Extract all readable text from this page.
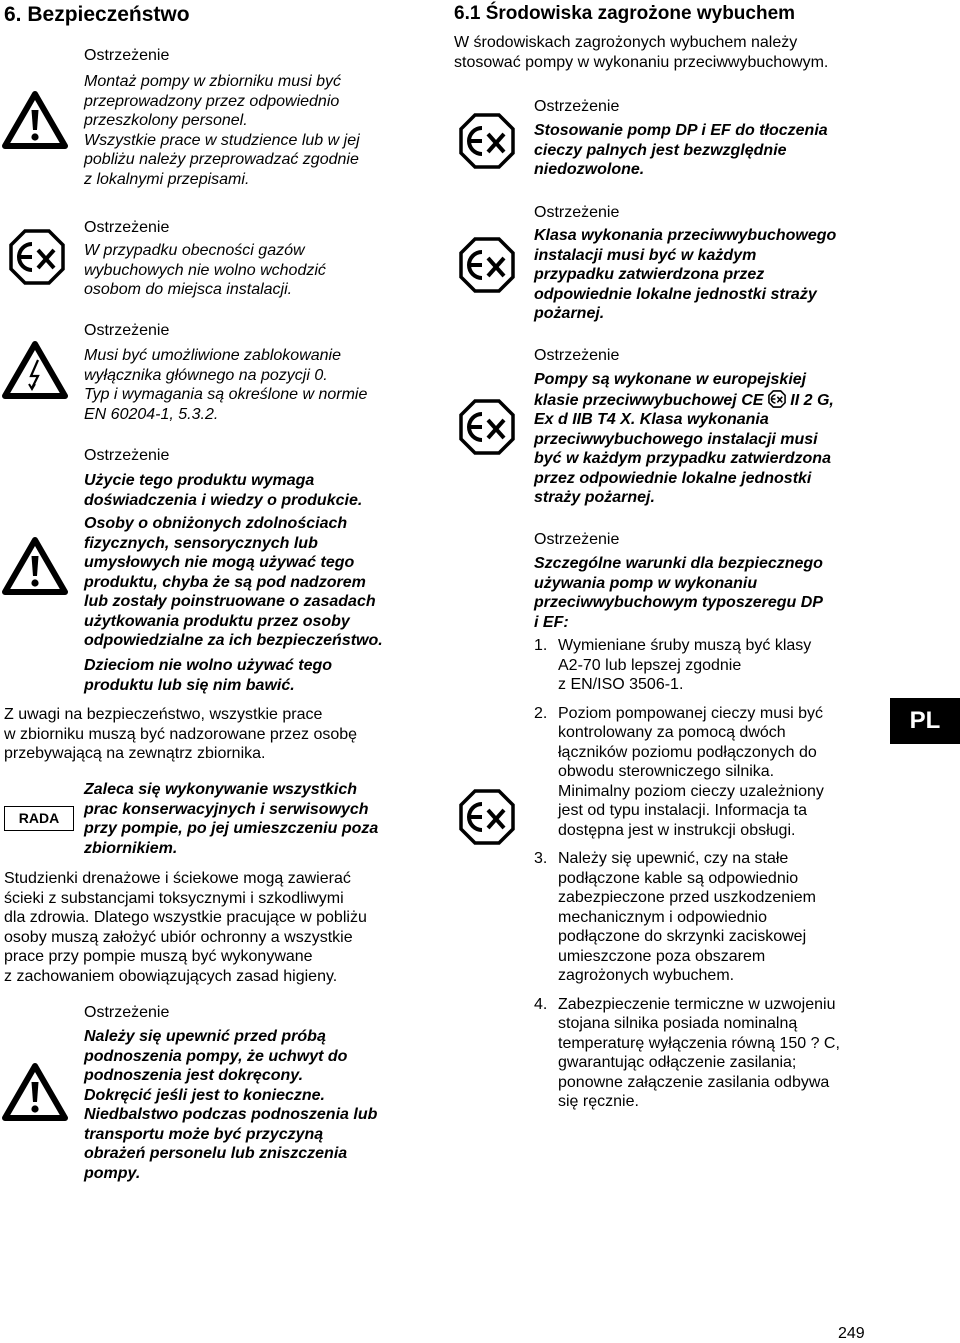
6. Bezpieczeństwo	6.1 Środowiska zagrożone wybuchem
Ostrzeżenie
Montaż pompy w zbiorniku musi być
przeprowadzony przez odpowiednio
przeszkolony personel.
Wszystkie prace w studzience lub w jej
pobliżu należy przeprowadzać zgodnie
z lokalnymi przepisami.
Ostrzeżenie
W przypadku obecności gazów
wybuchowych nie wolno wchodzić
osobom do miejsca instalacji.
Ostrzeżenie
Musi być umożliwione zablokowanie
wyłącznika głównego na pozycji 0.
Typ i wymagania są określone w normie
EN 60204-1, 5.3.2.
Ostrzeżenie
Użycie tego produktu wymaga
doświadczenia i wiedzy o produkcie.
Osoby o obniżonych zdolnościach
fizycznych, sensorycznych lub
umysłowych nie mogą używać tego
produktu, chyba że są pod nadzorem
lub zostały poinstruowane o zasadach
użytkowania produktu przez osoby
odpowiedzialne za ich bezpieczeństwo.
Dzieciom nie wolno używać tego
produktu lub się nim bawić.
Z uwagi na bezpieczeństwo, wszystkie prace
w zbiorniku muszą być nadzorowane przez osobę
przebywającą na zewnątrz zbiornika.
RADA
Zaleca się wykonywanie wszystkich
prac konserwacyjnych i serwisowych
przy pompie, po jej umieszczeniu poza
zbiornikiem.
Studzienki drenażowe i ściekowe mogą zawierać
ścieki z substancjami toksycznymi i szkodliwymi
dla zdrowia. Dlatego wszystkie pracujące w pobliżu
osoby muszą założyć ubiór ochronny a wszystkie
prace przy pompie muszą być wykonywane
z zachowaniem obowiązujących zasad higieny.
Ostrzeżenie
Należy się upewnić przed próbą
podnoszenia pompy, że uchwyt do
podnoszenia jest dokręcony.
Dokręcić jeśli jest to konieczne.
Niedbalstwo podczas podnoszenia lub
transportu może być przyczyną
obrażeń personelu lub zniszczenia
pompy.
W środowiskach zagrożonych wybuchem należy
stosować pompy w wykonaniu przeciwwybuchowym.
Ostrzeżenie
Stosowanie pomp DP i EF do tłoczenia
cieczy palnych jest bezwzględnie
niedozwolone.
Ostrzeżenie
Klasa wykonania przeciwwybuchowego
instalacji musi być w każdym
przypadku zatwierdzona przez
odpowiednie lokalne jednostki straży
pożarnej.
Ostrzeżenie
Pompy są wykonane w europejskiej
klasie przeciwwybuchowej CE  II 2 G,
Ex d IIB T4 X. Klasa wykonania
przeciwwybuchowego instalacji musi
być w każdym przypadku zatwierdzona
przez odpowiednie lokalne jednostki
straży pożarnej.
Ostrzeżenie
Szczególne warunki dla bezpiecznego
używania pomp w wykonaniu
przeciwwybuchowym typoszeregu DP
i EF:
1. Wymieniane śruby muszą być klasy
A2-70 lub lepszej zgodnie
z EN/ISO 3506-1.
2. Poziom pompowanej cieczy musi być
kontrolowany za pomocą dwóch
łączników poziomu podłączonych do
obwodu sterowniczego silnika.
Minimalny poziom cieczy uzależniony
jest od typu instalacji. Informacja ta
dostępna jest w instrukcji obsługi.
3. Należy się upewnić, czy na stałe
podłączone kable są odpowiednio
zabezpieczone przed uszkodzeniem
mechanicznym i odpowiednio
podłączone do skrzynki zaciskowej
umieszczone poza obszarem
zagrożonych wybuchem.
4. Zabezpieczenie termiczne w uzwojeniu
stojana silnika posiada nominalną
temperaturę wyłączenia równą 150 ? C,
gwarantując odłączenie zasilania;
ponowne załączenie zasilania odbywa
się ręcznie.
PL
249
